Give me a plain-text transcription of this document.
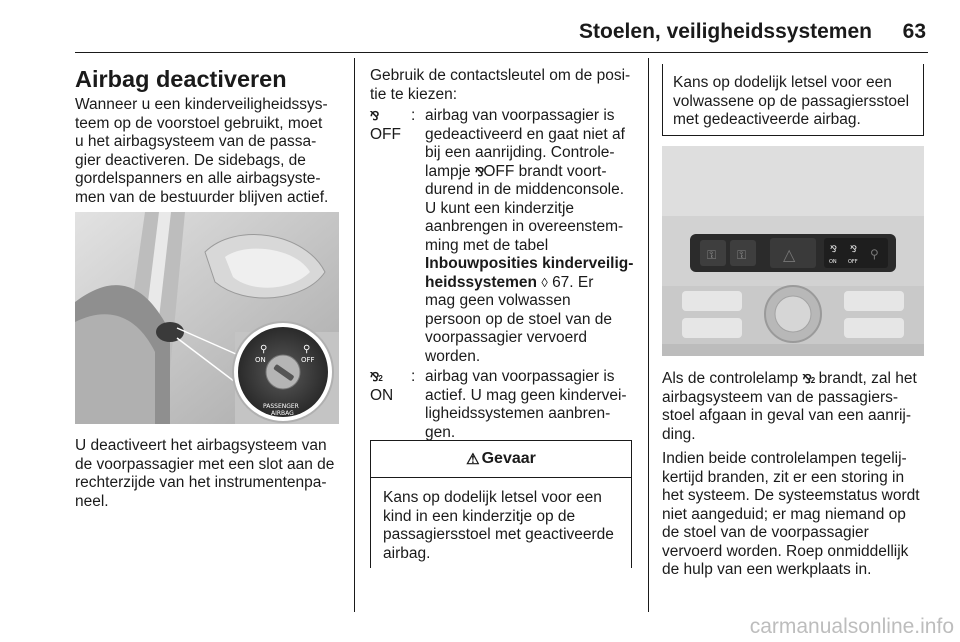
Stoelen, veiligheidssystemen 63

Airbag deactiveren

Wanneer u een kinderveiligheidssys-
teem op de voorstoel gebruikt, moet
u het airbagsysteem van de passa-
gier deactiveren. De sidebags, de
gordelspanners en alle airbagsyste-
men van de bestuurder blijven actief.
ON	OFF
PASSENGER
AIRBAG
⚲	⚲
U deactiveert het airbagsysteem van
de voorpassagier met een slot aan de
rechterzijde van het instrumentenpa-
neel.
Gebruik de contactsleutel om de posi-
tie te kiezen:
⅋
OFF
: airbag van voorpassagier is
gedeactiveerd en gaat niet af
bij een aanrijding. Controle-
lampje ⅋OFF brandt voort-
durend in de middenconsole.
U kunt een kinderzitje
aanbrengen in overeenstem-
ming met de tabel
Inbouwposities kinderveilig-
heidssystemen ◊ 67. Er
mag geen volwassen
persoon op de stoel van de
voorpassagier vervoerd
worden.
⅋2
ON
: airbag van voorpassagier is
actief. U mag geen kindervei-
ligheidssystemen aanbren-
gen.
⚠ Gevaar
Kans op dodelijk letsel voor een
kind in een kinderzitje op de
passagiersstoel met geactiveerde
airbag.
Kans op dodelijk letsel voor een
volwassene op de passagiersstoel
met gedeactiveerde airbag.
⚿ ⚿ △	⅋ ⅋
ON OFF
⚲
Als de controlelamp ⅋2 brandt, zal het
airbagsysteem van de passagiers-
stoel afgaan in geval van een aanrij-
ding.
Indien beide controlelampen tegelij-
kertijd branden, zit er een storing in
het systeem. De systeemstatus wordt
niet aangeduid; er mag niemand op
de stoel van de voorpassagier
vervoerd worden. Roep onmiddellijk
de hulp van een werkplaats in.
carmanualsonline.info
